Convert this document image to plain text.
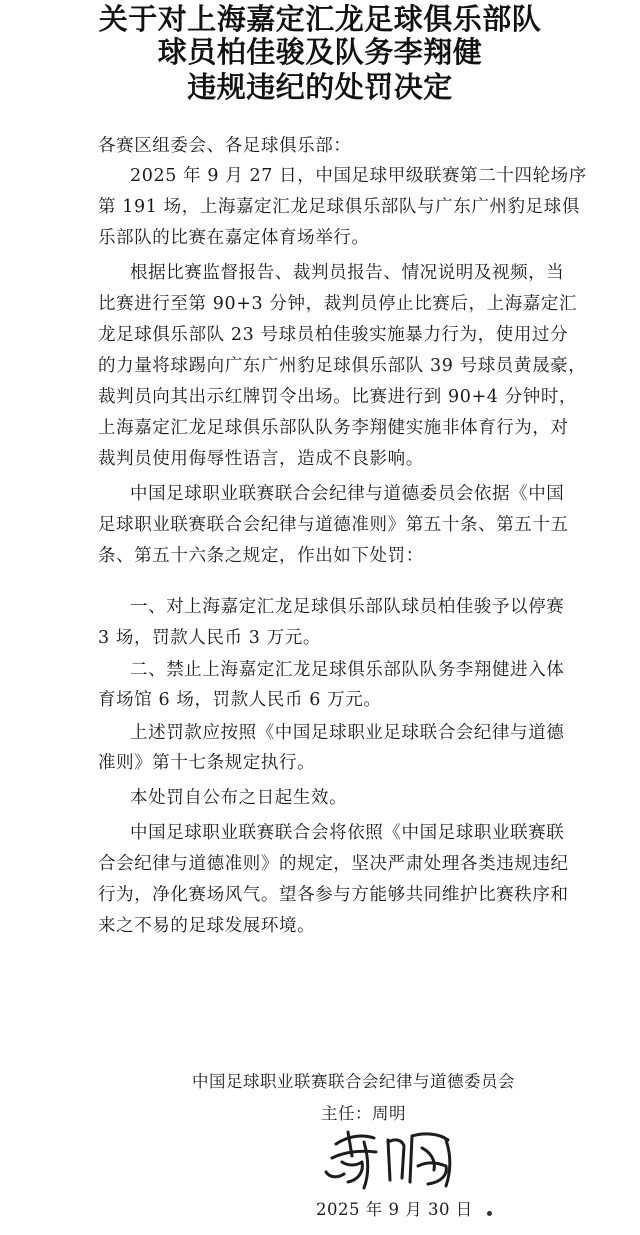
关于对上海嘉定汇龙足球俱乐部队
球员柏佳骏及队务李翔健
违规违纪的处罚决定
各赛区组委会、各足球俱乐部：
2025 年 9 月 27 日，中国足球甲级联赛第二十四轮场序
第 191 场，上海嘉定汇龙足球俱乐部队与广东广州豹足球俱
乐部队的比赛在嘉定体育场举行。
根据比赛监督报告、裁判员报告、情况说明及视频，当
比赛进行至第 90+3 分钟，裁判员停止比赛后，上海嘉定汇
龙足球俱乐部队 23 号球员柏佳骏实施暴力行为，使用过分
的力量将球踢向广东广州豹足球俱乐部队 39 号球员黄晟豪，
裁判员向其出示红牌罚令出场。比赛进行到 90+4 分钟时，
上海嘉定汇龙足球俱乐部队队务李翔健实施非体育行为，对
裁判员使用侮辱性语言，造成不良影响。
中国足球职业联赛联合会纪律与道德委员会依据《中国
足球职业联赛联合会纪律与道德准则》第五十条、第五十五
条、第五十六条之规定，作出如下处罚：
一、对上海嘉定汇龙足球俱乐部队球员柏佳骏予以停赛
3 场，罚款人民币 3 万元。
二、禁止上海嘉定汇龙足球俱乐部队队务李翔健进入体
育场馆 6 场，罚款人民币 6 万元。
上述罚款应按照《中国足球职业足球联合会纪律与道德
准则》第十七条规定执行。
本处罚自公布之日起生效。
中国足球职业联赛联合会将依照《中国足球职业联赛联
合会纪律与道德准则》的规定，坚决严肃处理各类违规违纪
行为，净化赛场风气。望各参与方能够共同维护比赛秩序和
来之不易的足球发展环境。
中国足球职业联赛联合会纪律与道德委员会
主任：周明
2025 年 9 月 30 日
